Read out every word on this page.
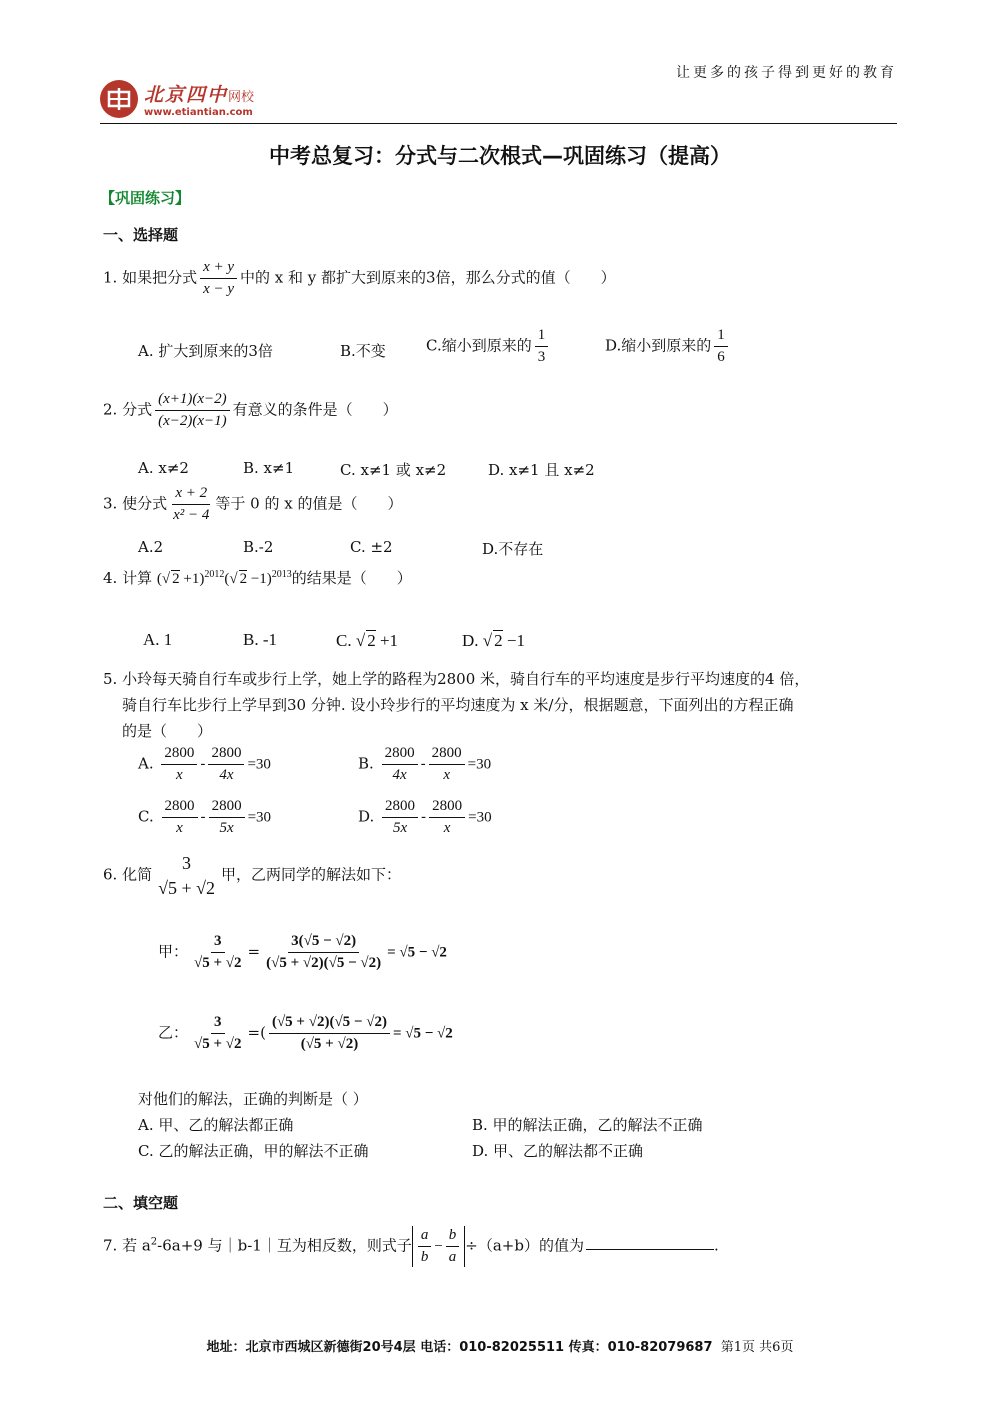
北京四中网校
www.etiantian.com
让更多的孩子得到更好的教育
中考总复习：分式与二次根式—巩固练习（提高）
【巩固练习】
一、选择题
1. 如果把分式 $\frac{x + y}{x - y}$ 中的 x 和 y 都扩大到原来的3倍，那么分式的值（　　）
A. 扩大到原来的3倍	B.不变	C.缩小到原来的 $\frac{1}{3}$	D.缩小到原来的 $\frac{1}{6}$
2. 分式 $\frac{(x+1)(x-2)}{(x-2)(x-1)}$ 有意义的条件是（　　）
A. x≠2	B. x≠1	C. x≠1 或 x≠2	D. x≠1 且 x≠2
3. 使分式 $\frac{x + 2}{\text{x² − 4}}$ 等于 0 的 x 的值是（　　）
A.2	B.-2	C. ±2	D.不存在
4. 计算 (√ 2 +1)$^{2012}$(√ 2 −1)$^{2013}$的结果是（　　）
A. 1	B. -1	C. √ 2 +1	D. √ 2 −1
5. 小玲每天骑自行车或步行上学，她上学的路程为2800 米，骑自行车的平均速度是步行平均速度的4 倍，
骑自行车比步行上学早到30 分钟. 设小玲步行的平均速度为 x 米/分，根据题意，下面列出的方程正确
的是（　　）
A. $\frac{2800}{x} - \frac{2800}{4x} =30$	B. $\frac{2800}{4x} - \frac{2800}{x} =30$
C. $\frac{2800}{x} - \frac{2800}{5x} =30$	D. $\frac{2800}{5x} - \frac{2800}{x} =30$
6. 化简
3
√5 + √2
甲，乙两同学的解法如下：
甲： $\frac{3}{√5 + √2} = \frac{3(√5 - √2)}{(√5 + √2)(√5 - √2)} = √5 - √2$
乙： $\frac{3}{√5 + √2}$ =( $\frac{(√5 + √2)(√5 - √2)}{(√5 + √2)} = √5 - √2$
对他们的解法，正确的判断是（ ）
A. 甲、乙的解法都正确	B. 甲的解法正确，乙的解法不正确
C. 乙的解法正确，甲的解法不正确	D. 甲、乙的解法都不正确
二、填空题
7. 若 $a^2-6a+9$ 与｜b-1｜互为相反数，则式子 $\frac{a}{b} - \frac{b}{a} \div(a+b)$的值为	.
地址：北京市西城区新德街20号4层 电话：010-82025511 传真：010-82079687 第1页 共6页
